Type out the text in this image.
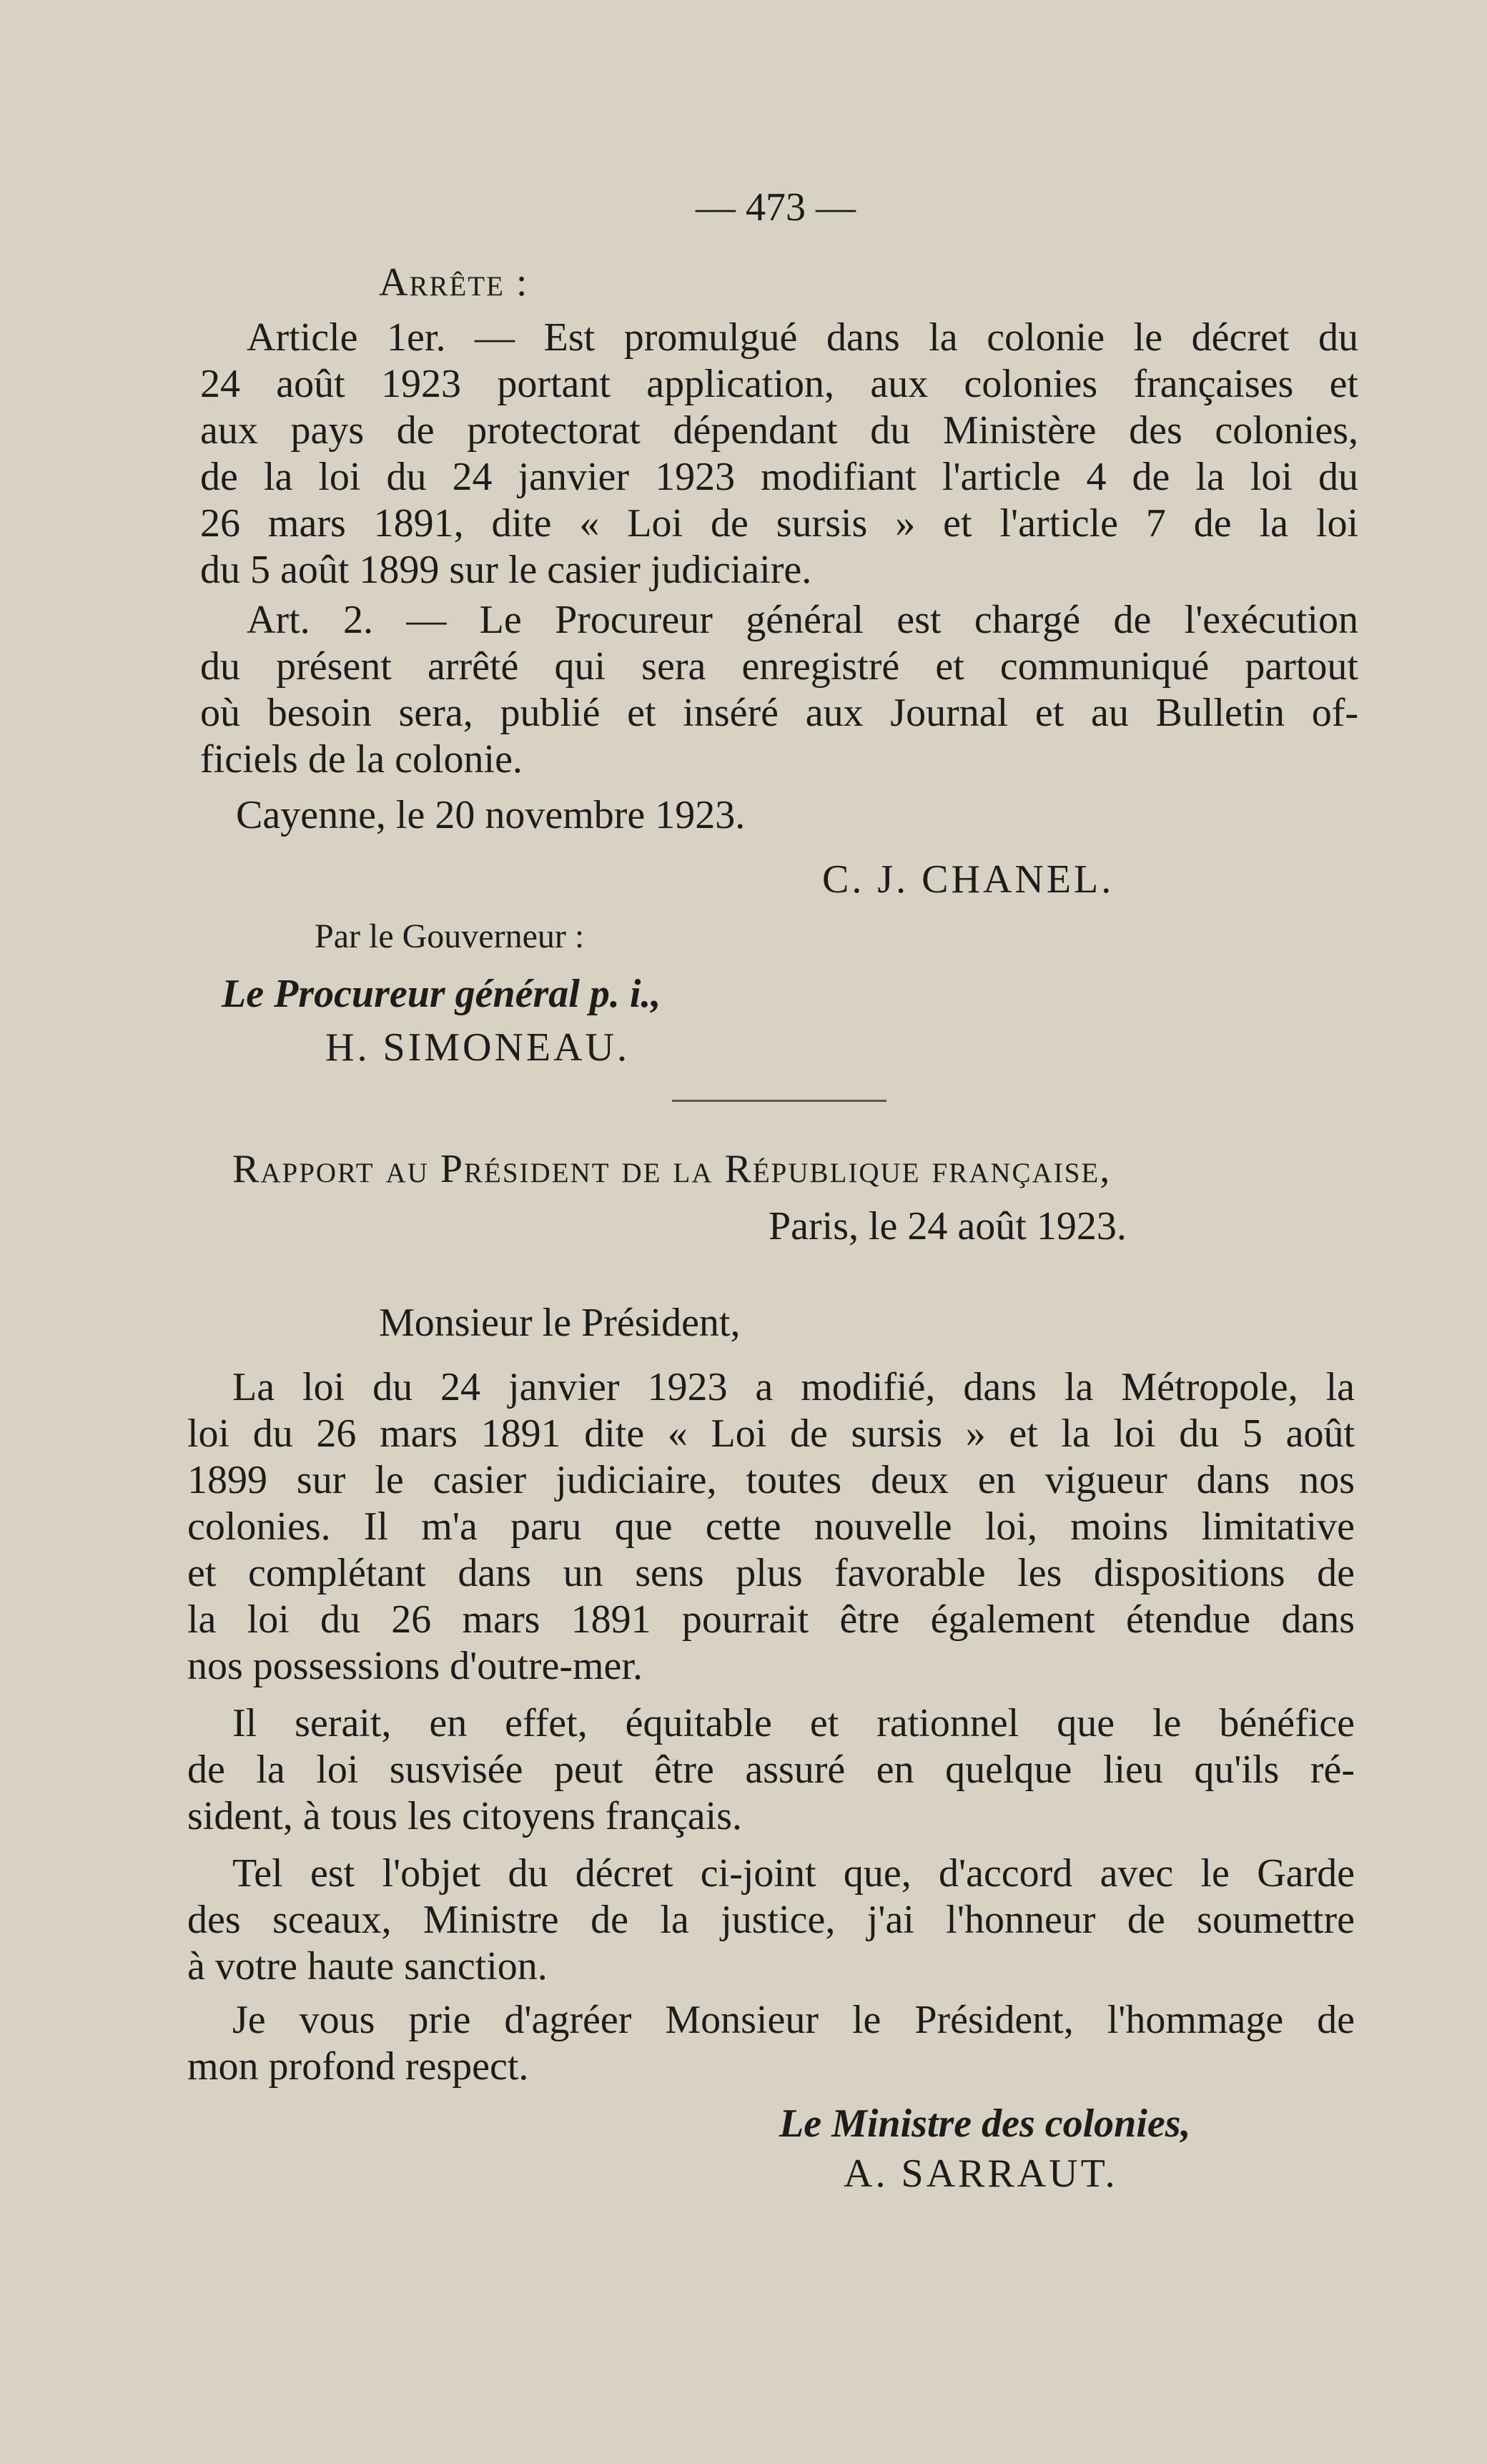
— 473 —
Arrête :
Article 1er. — Est promulgué dans la colonie le décret du
24 août 1923 portant application, aux colonies françaises et
aux pays de protectorat dépendant du Ministère des colonies,
de la loi du 24 janvier 1923 modifiant l'article 4 de la loi du
26 mars 1891, dite « Loi de sursis » et l'article 7 de la loi
du 5 août 1899 sur le casier judiciaire.
Art. 2. — Le Procureur général est chargé de l'exécution
du présent arrêté qui sera enregistré et communiqué partout
où besoin sera, publié et inséré aux Journal et au Bulletin of-
ficiels de la colonie.
Cayenne, le 20 novembre 1923.
C. J. CHANEL.
Par le Gouverneur :
Le Procureur général p. i.,
H. SIMONEAU.
Rapport au Président de la République française,
Paris, le 24 août 1923.
Monsieur le Président,
La loi du 24 janvier 1923 a modifié, dans la Métropole, la
loi du 26 mars 1891 dite « Loi de sursis » et la loi du 5 août
1899 sur le casier judiciaire, toutes deux en vigueur dans nos
colonies. Il m'a paru que cette nouvelle loi, moins limitative
et complétant dans un sens plus favorable les dispositions de
la loi du 26 mars 1891 pourrait être également étendue dans
nos possessions d'outre-mer.
Il serait, en effet, équitable et rationnel que le bénéfice
de la loi susvisée peut être assuré en quelque lieu qu'ils ré-
sident, à tous les citoyens français.
Tel est l'objet du décret ci-joint que, d'accord avec le Garde
des sceaux, Ministre de la justice, j'ai l'honneur de soumettre
à votre haute sanction.
Je vous prie d'agréer Monsieur le Président, l'hommage de
mon profond respect.
Le Ministre des colonies,
A. SARRAUT.
